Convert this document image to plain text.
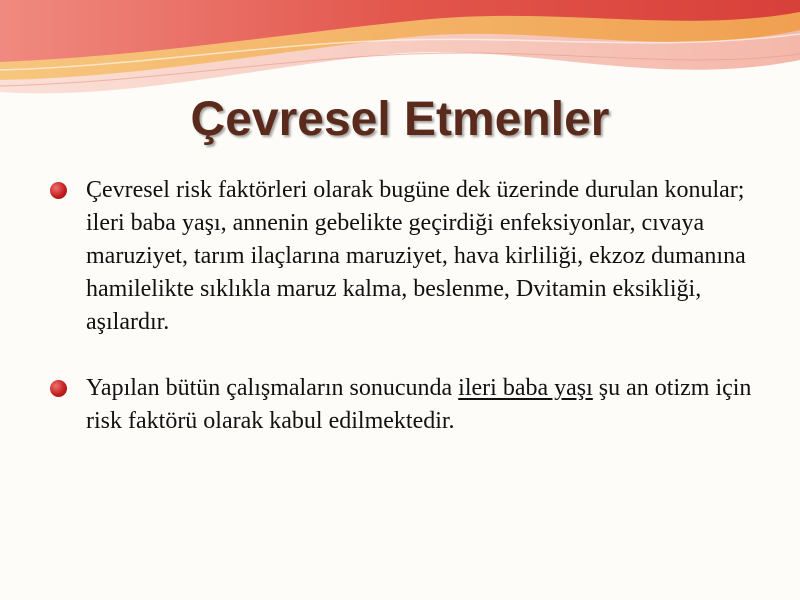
Çevresel Etmenler
Çevresel risk faktörleri olarak bugüne dek üzerinde durulan konular; ileri baba yaşı, annenin gebelikte geçirdiği enfeksiyonlar, cıvaya maruziyet, tarım ilaçlarına maruziyet, hava kirliliği, ekzoz dumanına hamilelikte sıklıkla maruz kalma, beslenme, Dvitamin eksikliği, aşılardır.
Yapılan bütün çalışmaların sonucunda ileri baba yaşı şu an otizm için risk faktörü olarak kabul edilmektedir.
